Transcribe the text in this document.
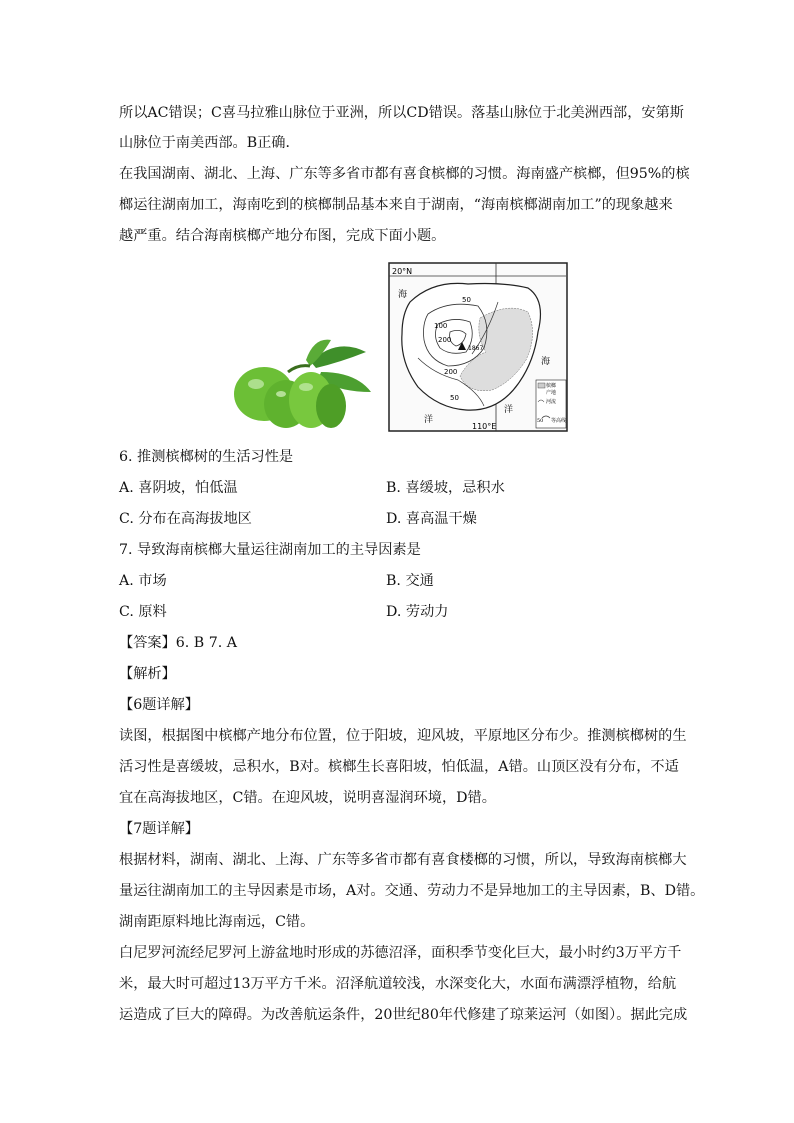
所以AC错误；C喜马拉雅山脉位于亚洲，所以CD错误。落基山脉位于北美洲西部，安第斯
山脉位于南美西部。B正确．
在我国湖南、湖北、上海、广东等多省市都有喜食槟榔的习惯。海南盛产槟榔，但95%的槟
榔运往湖南加工，海南吃到的槟榔制品基本来自于湖南，“海南槟榔湖南加工”的现象越来
越严重。结合海南槟榔产地分布图，完成下面小题。
20°N
110°E
1867
50
100
200
200
50
海
海
洋
洋
槟榔
产地
河流
50 等高线
6. 推测槟榔树的生活习性是
A. 喜阴坡，怕低温	B. 喜缓坡，忌积水
C. 分布在高海拔地区	D. 喜高温干燥
7. 导致海南槟榔大量运往湖南加工的主导因素是
A. 市场	B. 交通
C. 原料	D. 劳动力
【答案】6. B 7. A
【解析】
【6题详解】
读图，根据图中槟榔产地分布位置，位于阳坡，迎风坡，平原地区分布少。推测槟榔树的生
活习性是喜缓坡，忌积水，B对。槟榔生长喜阳坡，怕低温，A错。山顶区没有分布，不适
宜在高海拔地区，C错。在迎风坡，说明喜湿润环境，D错。
【7题详解】
根据材料，湖南、湖北、上海、广东等多省市都有喜食楼榔的习惯，所以，导致海南槟榔大
量运往湖南加工的主导因素是市场，A对。交通、劳动力不是异地加工的主导因素，B、D错。
湖南距原料地比海南远，C错。
白尼罗河流经尼罗河上游盆地时形成的苏德沼泽，面积季节变化巨大，最小时约3万平方千
米，最大时可超过13万平方千米。沼泽航道较浅，水深变化大，水面布满漂浮植物，给航
运造成了巨大的障碍。为改善航运条件，20世纪80年代修建了琼莱运河（如图）。据此完成
